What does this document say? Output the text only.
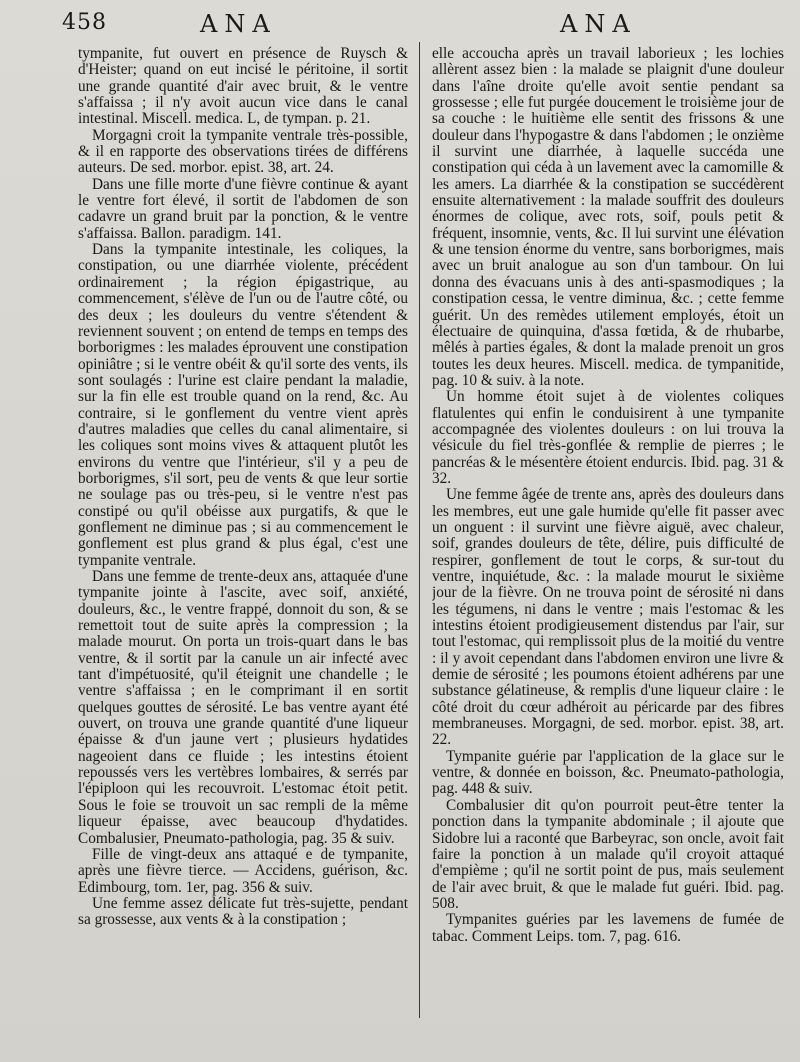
458	ANA	ANA

tympanite, fut ouvert en présence de Ruysch & d'Heister; quand on eut incisé le péritoine, il sortit une grande quantité d'air avec bruit, & le ventre s'affaissa ; il n'y avoit aucun vice dans le canal intestinal. Miscell. medica. L, de tympan. p. 21.

Morgagni croit la tympanite ventrale très-possible, & il en rapporte des observations tirées de différens auteurs. De sed. morbor. epist. 38, art. 24.

Dans une fille morte d'une fièvre continue & ayant le ventre fort élevé, il sortit de l'abdomen de son cadavre un grand bruit par la ponction, & le ventre s'affaissa. Ballon. paradigm. 141.

Dans la tympanite intestinale, les coliques, la constipation, ou une diarrhée violente, précédent ordinairement ; la région épigastrique, au commencement, s'élève de l'un ou de l'autre côté, ou des deux ; les douleurs du ventre s'étendent & reviennent souvent ; on entend de temps en temps des borborigmes : les malades éprouvent une constipation opiniâtre ; si le ventre obéit & qu'il sorte des vents, ils sont soulagés : l'urine est claire pendant la maladie, sur la fin elle est trouble quand on la rend, &c. Au contraire, si le gonflement du ventre vient après d'autres maladies que celles du canal alimentaire, si les coliques sont moins vives & attaquent plutôt les environs du ventre que l'intérieur, s'il y a peu de borborigmes, s'il sort, peu de vents & que leur sortie ne soulage pas ou très-peu, si le ventre n'est pas constipé ou qu'il obéisse aux purgatifs, & que le gonflement ne diminue pas ; si au commencement le gonflement est plus grand & plus égal, c'est une tympanite ventrale.

Dans une femme de trente-deux ans, attaquée d'une tympanite jointe à l'ascite, avec soif, anxiété, douleurs, &c., le ventre frappé, donnoit du son, & se remettoit tout de suite après la compression ; la malade mourut. On porta un trois-quart dans le bas ventre, & il sortit par la canule un air infecté avec tant d'impétuosité, qu'il éteignit une chandelle ; le ventre s'affaissa ; en le comprimant il en sortit quelques gouttes de sérosité. Le bas ventre ayant été ouvert, on trouva une grande quantité d'une liqueur épaisse & d'un jaune vert ; plusieurs hydatides nageoient dans ce fluide ; les intestins étoient repoussés vers les vertèbres lombaires, & serrés par l'épiploon qui les recouvroit. L'estomac étoit petit. Sous le foie se trouvoit un sac rempli de la même liqueur épaisse, avec beaucoup d'hydatides. Combalusier, Pneumato-pathologia, pag. 35 & suiv.

Fille de vingt-deux ans attaqué e de tympanite, après une fièvre tierce. — Accidens, guérison, &c. Edimbourg, tom. 1er, pag. 356 & suiv.

Une femme assez délicate fut très-sujette, pendant sa grossesse, aux vents & à la constipation ;

elle accoucha après un travail laborieux ; les lochies allèrent assez bien : la malade se plaignit d'une douleur dans l'aîne droite qu'elle avoit sentie pendant sa grossesse ; elle fut purgée doucement le troisième jour de sa couche : le huitième elle sentit des frissons & une douleur dans l'hypogastre & dans l'abdomen ; le onzième il survint une diarrhée, à laquelle succéda une constipation qui céda à un lavement avec la camomille & les amers. La diarrhée & la constipation se succédèrent ensuite alternativement : la malade souffrit des douleurs énormes de colique, avec rots, soif, pouls petit & fréquent, insomnie, vents, &c. Il lui survint une élévation & une tension énorme du ventre, sans borborigmes, mais avec un bruit analogue au son d'un tambour. On lui donna des évacuans unis à des anti-spasmodiques ; la constipation cessa, le ventre diminua, &c. ; cette femme guérit. Un des remèdes utilement employés, étoit un électuaire de quinquina, d'assa fœtida, & de rhubarbe, mêlés à parties égales, & dont la malade prenoit un gros toutes les deux heures. Miscell. medica. de tympanitide, pag. 10 & suiv. à la note.

Un homme étoit sujet à de violentes coliques flatulentes qui enfin le conduisirent à une tympanite accompagnée des violentes douleurs : on lui trouva la vésicule du fiel très-gonflée & remplie de pierres ; le pancréas & le mésentère étoient endurcis. Ibid. pag. 31 & 32.

Une femme âgée de trente ans, après des douleurs dans les membres, eut une gale humide qu'elle fit passer avec un onguent : il survint une fièvre aiguë, avec chaleur, soif, grandes douleurs de tête, délire, puis difficulté de respirer, gonflement de tout le corps, & sur-tout du ventre, inquiétude, &c. : la malade mourut le sixième jour de la fièvre. On ne trouva point de sérosité ni dans les tégumens, ni dans le ventre ; mais l'estomac & les intestins étoient prodigieusement distendus par l'air, sur tout l'estomac, qui remplissoit plus de la moitié du ventre : il y avoit cependant dans l'abdomen environ une livre & demie de sérosité ; les poumons étoient adhérens par une substance gélatineuse, & remplis d'une liqueur claire : le côté droit du cœur adhéroit au péricarde par des fibres membraneuses. Morgagni, de sed. morbor. epist. 38, art. 22.

Tympanite guérie par l'application de la glace sur le ventre, & donnée en boisson, &c. Pneumato-pathologia, pag. 448 & suiv.

Combalusier dit qu'on pourroit peut-être tenter la ponction dans la tympanite abdominale ; il ajoute que Sidobre lui a raconté que Barbeyrac, son oncle, avoit fait faire la ponction à un malade qu'il croyoit attaqué d'empième ; qu'il ne sortit point de pus, mais seulement de l'air avec bruit, & que le malade fut guéri. Ibid. pag. 508.

Tympanites guéries par les lavemens de fumée de tabac. Comment Leips. tom. 7, pag. 616.
